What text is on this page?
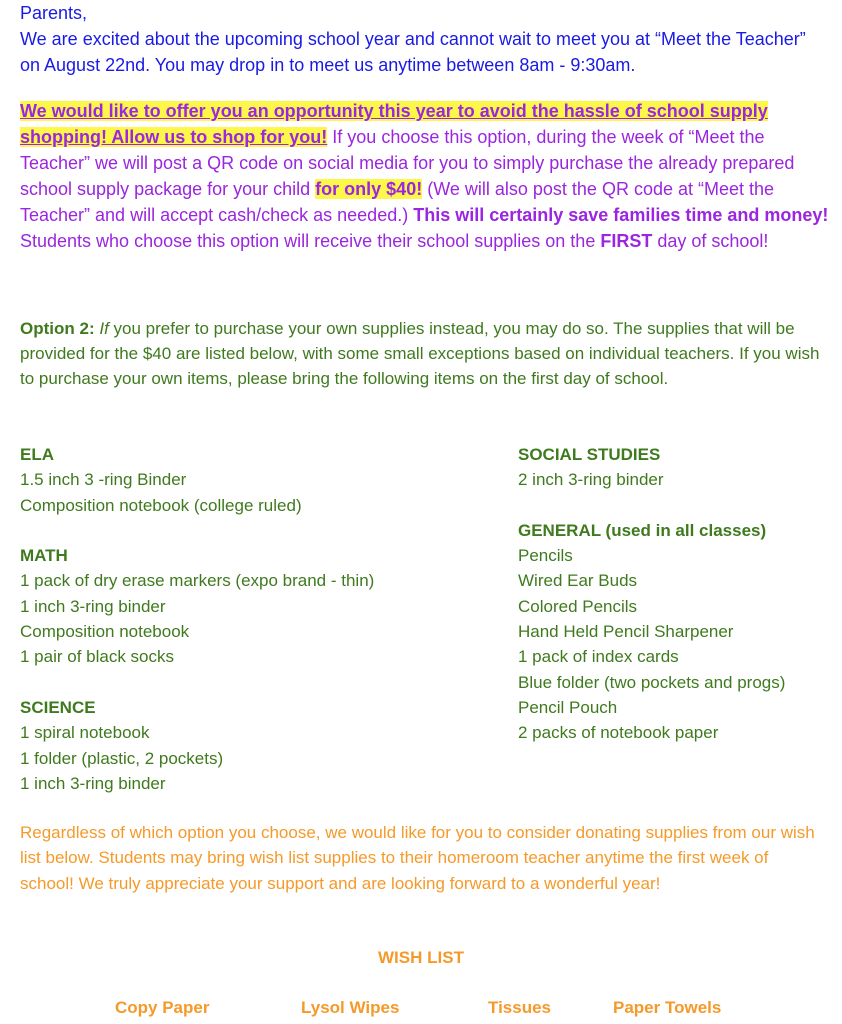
Parents,
We are excited about the upcoming school year and cannot wait to meet you at “Meet the Teacher” on August 22nd. You may drop in to meet us anytime between 8am - 9:30am.

We would like to offer you an opportunity this year to avoid the hassle of school supply shopping! Allow us to shop for you! If you choose this option, during the week of “Meet the Teacher” we will post a QR code on social media for you to simply purchase the already prepared school supply package for your child for only $40! (We will also post the QR code at “Meet the Teacher” and will accept cash/check as needed.) This will certainly save families time and money! Students who choose this option will receive their school supplies on the FIRST day of school!

Option 2: If you prefer to purchase your own supplies instead, you may do so. The supplies that will be provided for the $40 are listed below, with some small exceptions based on individual teachers. If you wish to purchase your own items, please bring the following items on the first day of school.

ELA
1.5 inch 3 -ring Binder
Composition notebook (college ruled)
MATH
1 pack of dry erase markers (expo brand - thin)
1 inch 3-ring binder
Composition notebook
1 pair of black socks
SCIENCE
1 spiral notebook
1 folder (plastic, 2 pockets)
1 inch 3-ring binder
SOCIAL STUDIES
2 inch 3-ring binder
GENERAL (used in all classes)
Pencils
Wired Ear Buds
Colored Pencils
Hand Held Pencil Sharpener
1 pack of index cards
Blue folder (two pockets and progs)
Pencil Pouch
2 packs of notebook paper

Regardless of which option you choose, we would like for you to consider donating supplies from our wish list below. Students may bring wish list supplies to their homeroom teacher anytime the first week of school! We truly appreciate your support and are looking forward to a wonderful year!

WISH LIST
Copy Paper	Lysol Wipes	Tissues	Paper Towels
